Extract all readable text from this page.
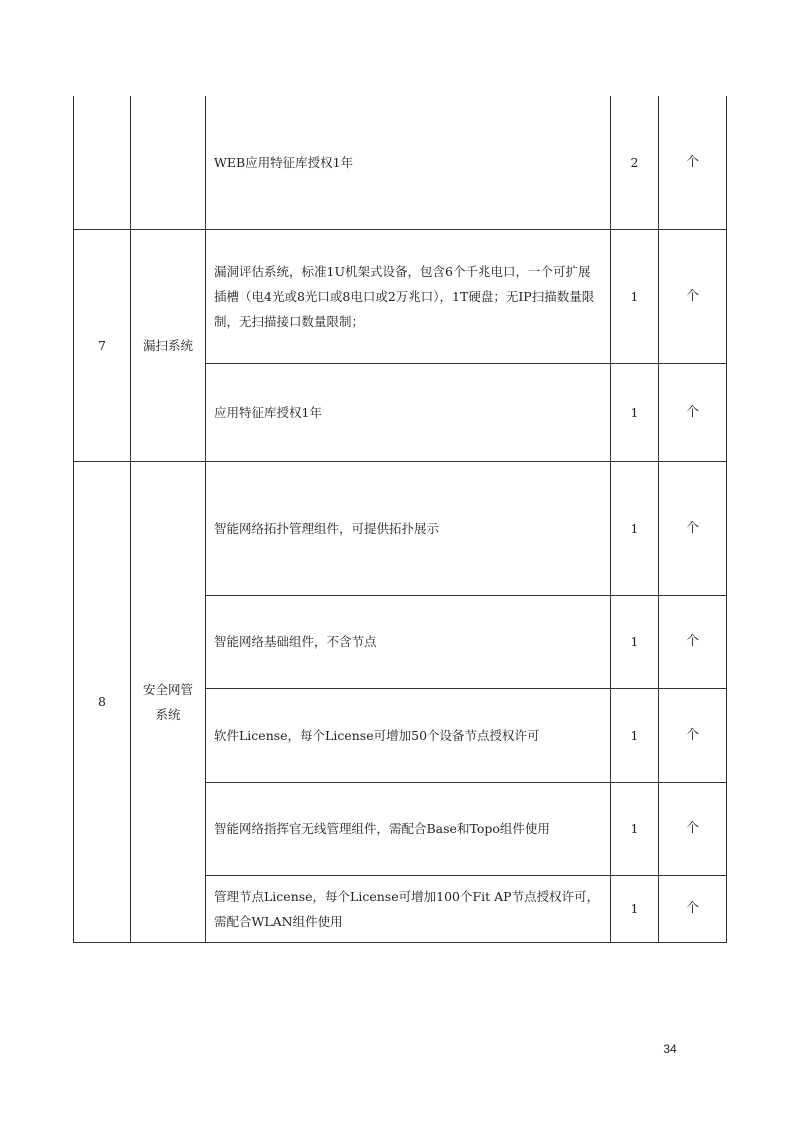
		WEB应用特征库授权1年	2	个
7	漏扫系统	漏洞评估系统，标准1U机架式设备，包含6个千兆电口，一个可扩展插槽（电4光或8光口或8电口或2万兆口），1T硬盘；无IP扫描数量限制，无扫描接口数量限制；	1	个
		应用特征库授权1年	1	个
8	安全网管系统	智能网络拓扑管理组件，可提供拓扑展示	1	个
		智能网络基础组件，不含节点	1	个
		软件License，每个License可增加50个设备节点授权许可	1	个
		智能网络指挥官无线管理组件，需配合Base和Topo组件使用	1	个
		管理节点License，每个License可增加100个Fit AP节点授权许可，需配合WLAN组件使用	1	个
34
